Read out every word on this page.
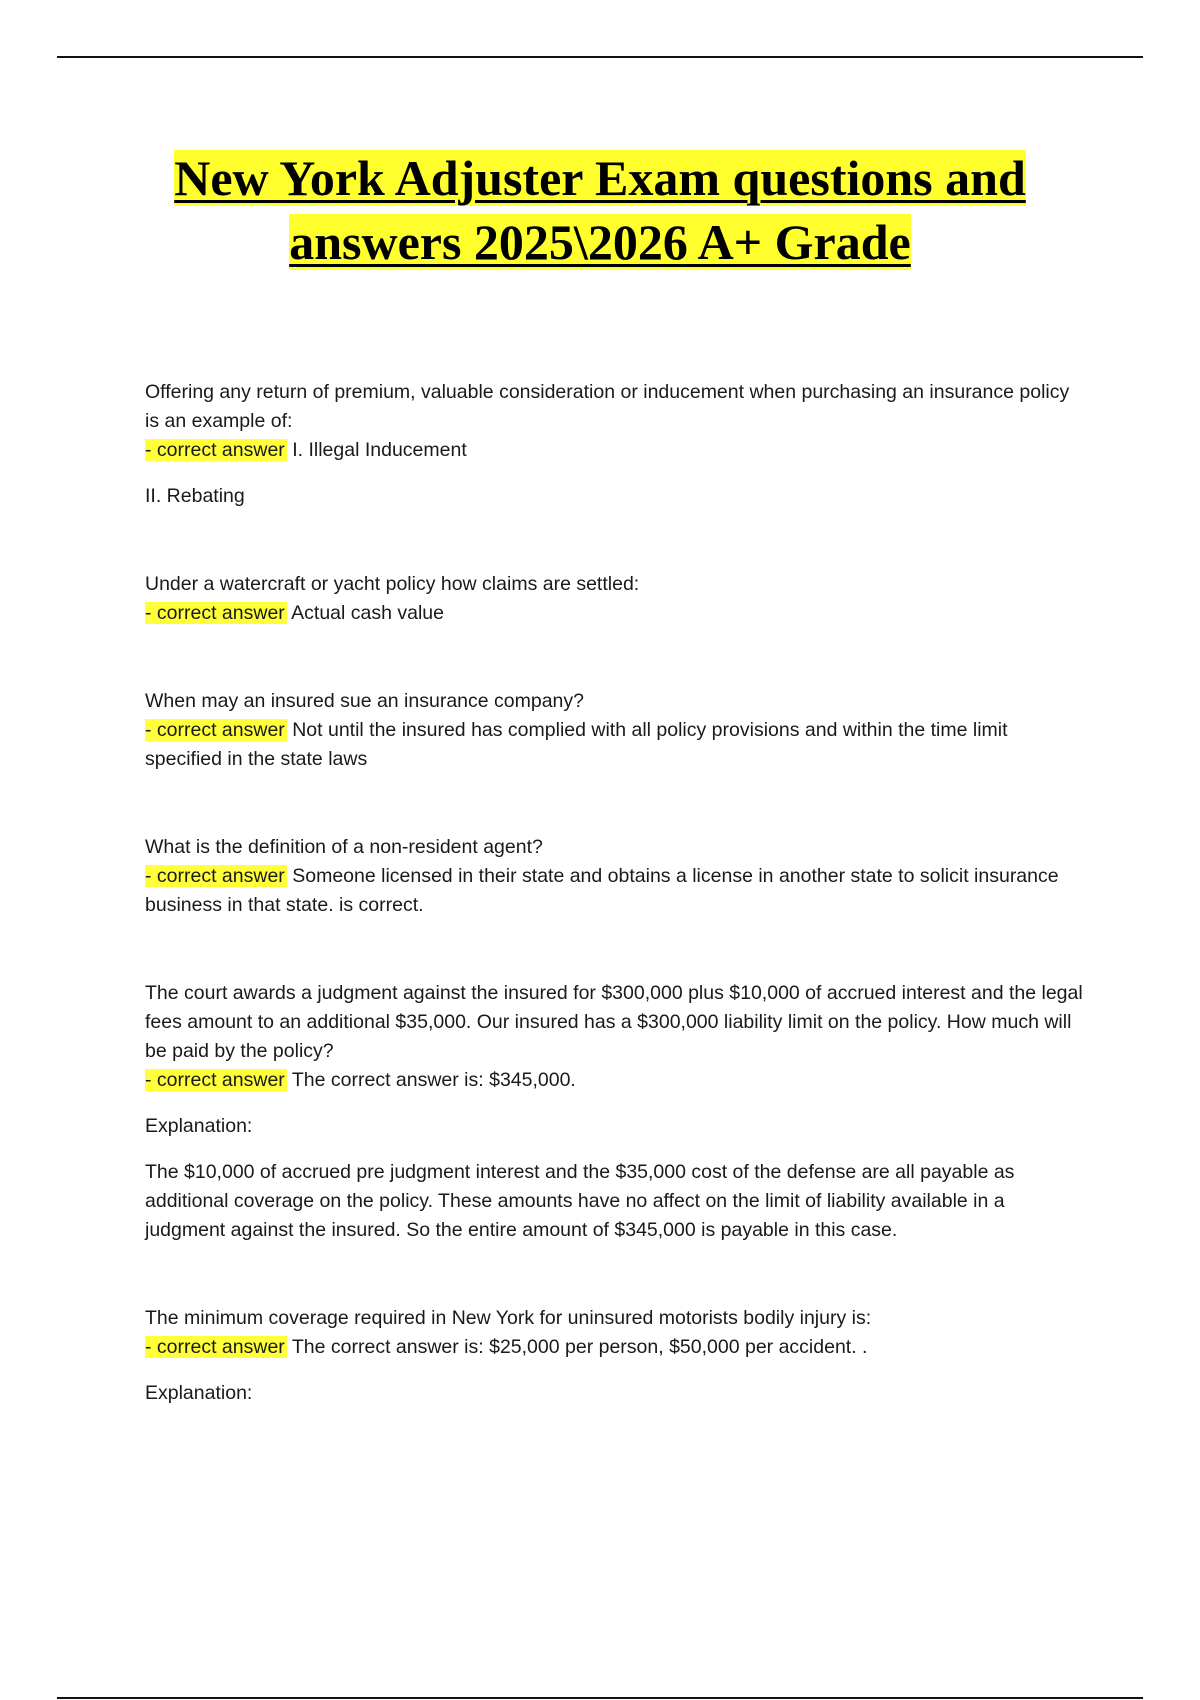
New York Adjuster Exam questions and
answers 2025\2026 A+ Grade

Offering any return of premium, valuable consideration or inducement when purchasing an insurance policy is an example of:

- correct answer I. Illegal Inducement

II. Rebating

Under a watercraft or yacht policy how claims are settled:

- correct answer Actual cash value

When may an insured sue an insurance company?

- correct answer Not until the insured has complied with all policy provisions and within the time limit specified in the state laws

What is the definition of a non-resident agent?

- correct answer Someone licensed in their state and obtains a license in another state to solicit insurance business in that state. is correct.

The court awards a judgment against the insured for $300,000 plus $10,000 of accrued interest and the legal fees amount to an additional $35,000. Our insured has a $300,000 liability limit on the policy. How much will be paid by the policy?

- correct answer The correct answer is: $345,000.

Explanation:

The $10,000 of accrued pre judgment interest and the $35,000 cost of the defense are all payable as additional coverage on the policy. These amounts have no affect on the limit of liability available in a judgment against the insured. So the entire amount of $345,000 is payable in this case.

The minimum coverage required in New York for uninsured motorists bodily injury is:

- correct answer The correct answer is: $25,000 per person, $50,000 per accident. .

Explanation:
